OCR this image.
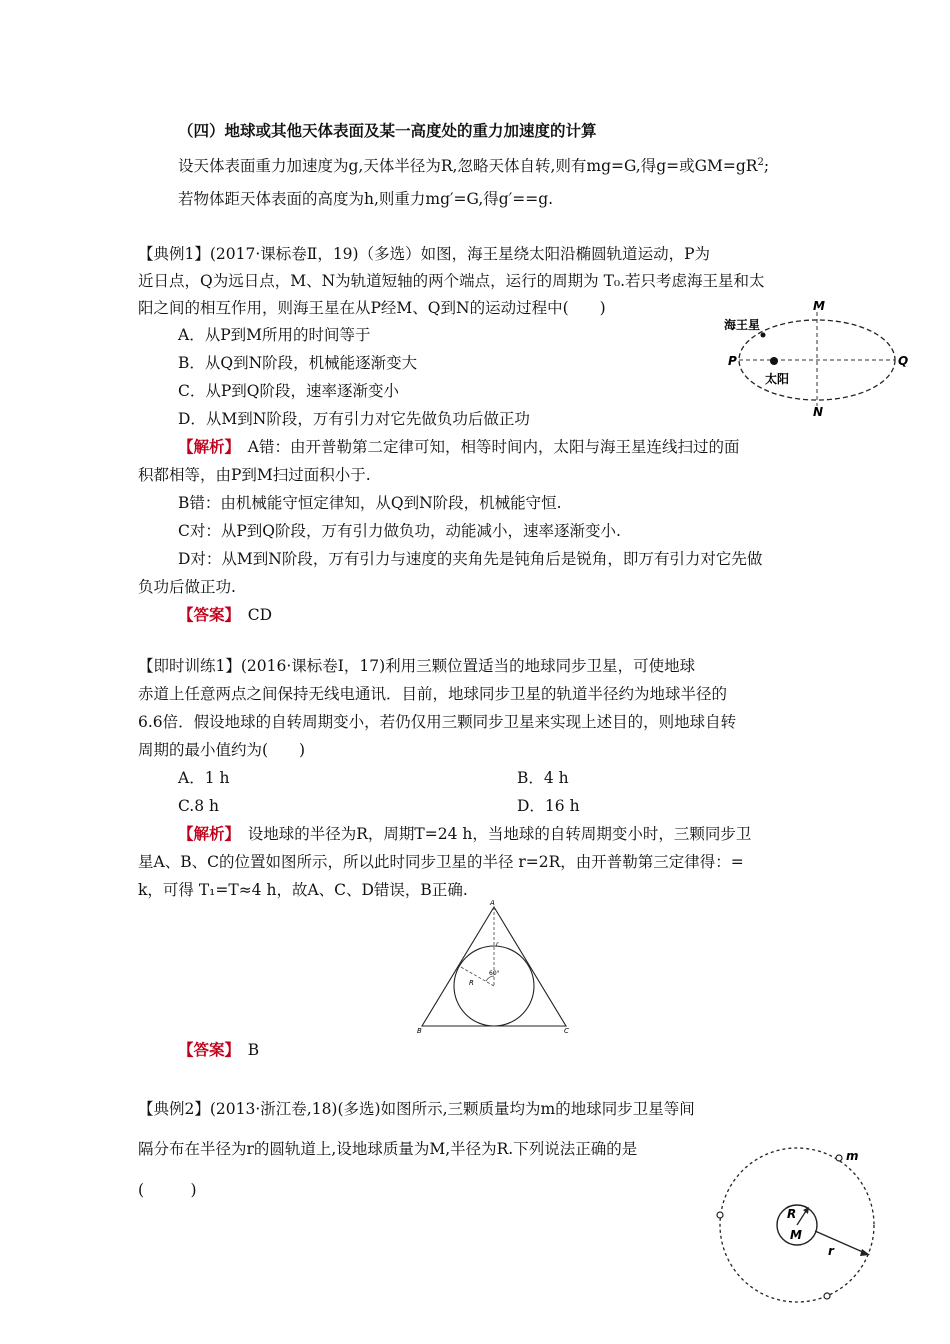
（四）地球或其他天体表面及某一高度处的重力加速度的计算
设天体表面重力加速度为g,天体半径为R,忽略天体自转,则有mg=G,得g=或$GM=gR^2$;
若物体距天体表面的高度为h,则重力mg′=G,得g′==g.
【典例1】(2017·课标卷Ⅱ，19)（多选）如图，海王星绕太阳沿椭圆轨道运动，P为
近日点，Q为远日点，M、N为轨道短轴的两个端点，运行的周期为 T₀.若只考虑海王星和太
阳之间的相互作用，则海王星在从P经M、Q到N的运动过程中(　　)
A．从P到M所用的时间等于
B．从Q到N阶段，机械能逐渐变大
C．从P到Q阶段，速率逐渐变小
D．从M到N阶段，万有引力对它先做负功后做正功
【解析】　A错：由开普勒第二定律可知，相等时间内，太阳与海王星连线扫过的面
积都相等，由P到M扫过面积小于.
B错：由机械能守恒定律知，从Q到N阶段，机械能守恒.
C对：从P到Q阶段，万有引力做负功，动能减小，速率逐渐变小.
D对：从M到N阶段，万有引力与速度的夹角先是钝角后是锐角，即万有引力对它先做
负功后做正功.
【答案】　CD
M
N
P	Q
海王星
太阳
【即时训练1】(2016·课标卷Ⅰ，17)利用三颗位置适当的地球同步卫星，可使地球
赤道上任意两点之间保持无线电通讯．目前，地球同步卫星的轨道半径约为地球半径的
6.6倍．假设地球的自转周期变小，若仍仅用三颗同步卫星来实现上述目的，则地球自转
周期的最小值约为(　　)
A．1 h	B．4 h
C.8 h	D．16 h
【解析】　设地球的半径为R，周期T=24 h，当地球的自转周期变小时，三颗同步卫
星A、B、C的位置如图所示，所以此时同步卫星的半径 r=2R，由开普勒第三定律得：=
k，可得 T₁=T≈4 h，故A、C、D错误，B正确.
A
B	C
r
R
60°
【答案】　B
【典例2】(2013·浙江卷,18)(多选)如图所示,三颗质量均为m的地球同步卫星等间
隔分布在半径为r的圆轨道上,设地球质量为M,半径为R.下列说法正确的是
(　　　)
m
R
M
r
